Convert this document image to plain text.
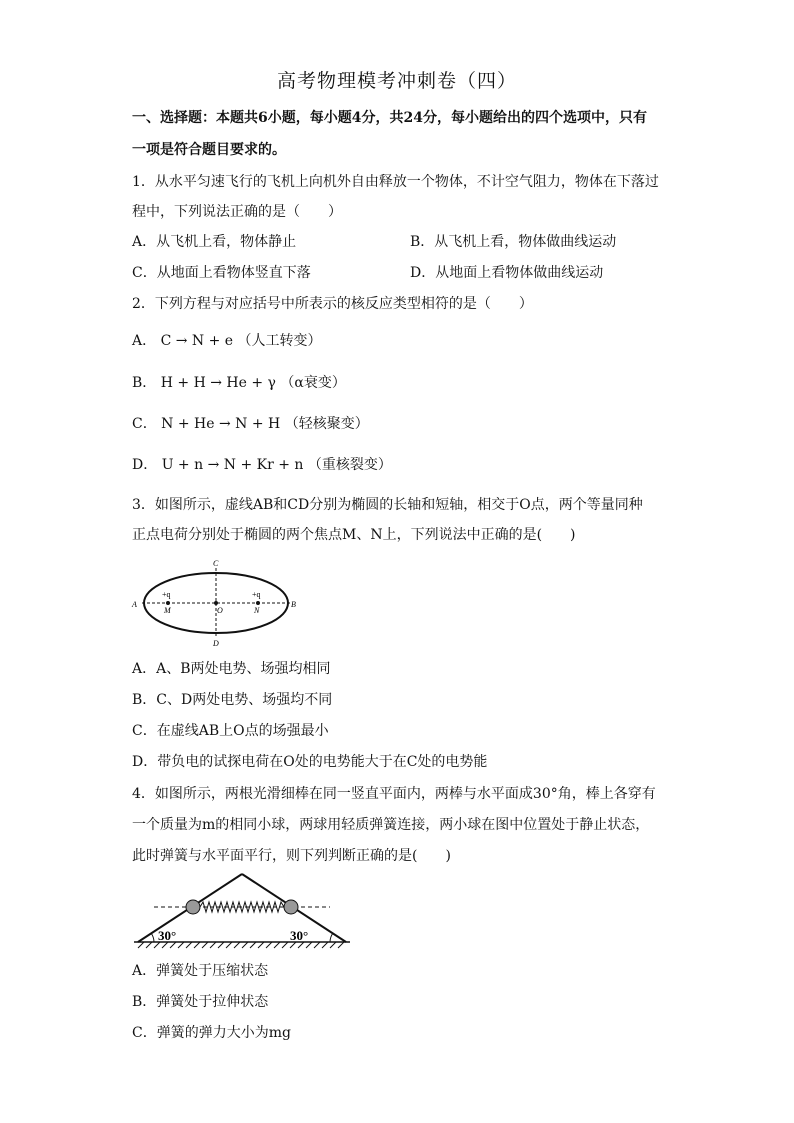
高考物理模考冲刺卷（四）
一、选择题：本题共6小题，每小题4分，共24分，每小题给出的四个选项中，只有
一项是符合题目要求的。
1．从水平匀速飞行的飞机上向机外自由释放一个物体，不计空气阻力，物体在下落过
程中，下列说法正确的是（　　）
A．从飞机上看，物体静止	B．从飞机上看，物体做曲线运动
C．从地面上看物体竖直下落	D．从地面上看物体做曲线运动
2．下列方程与对应括号中所表示的核反应类型相符的是（　　）
A． C → N + e （人工转变）
B． H + H → He + γ （α衰变）
C． N + He → N + H （轻核聚变）
D． U + n → N + Kr + n （重核裂变）
3．如图所示，虚线AB和CD分别为椭圆的长轴和短轴，相交于O点，两个等量同种
正点电荷分别处于椭圆的两个焦点M、N上，下列说法中正确的是(　　)
A	B
C
D
O
M	N
+q	+q
A．A、B两处电势、场强均相同
B．C、D两处电势、场强均不同
C．在虚线AB上O点的场强最小
D．带负电的试探电荷在O处的电势能大于在C处的电势能
4．如图所示，两根光滑细棒在同一竖直平面内，两棒与水平面成30°角，棒上各穿有
一个质量为m的相同小球，两球用轻质弹簧连接，两小球在图中位置处于静止状态，
此时弹簧与水平面平行，则下列判断正确的是(　　)
30°	30°
A．弹簧处于压缩状态
B．弹簧处于拉伸状态
C．弹簧的弹力大小为mg
